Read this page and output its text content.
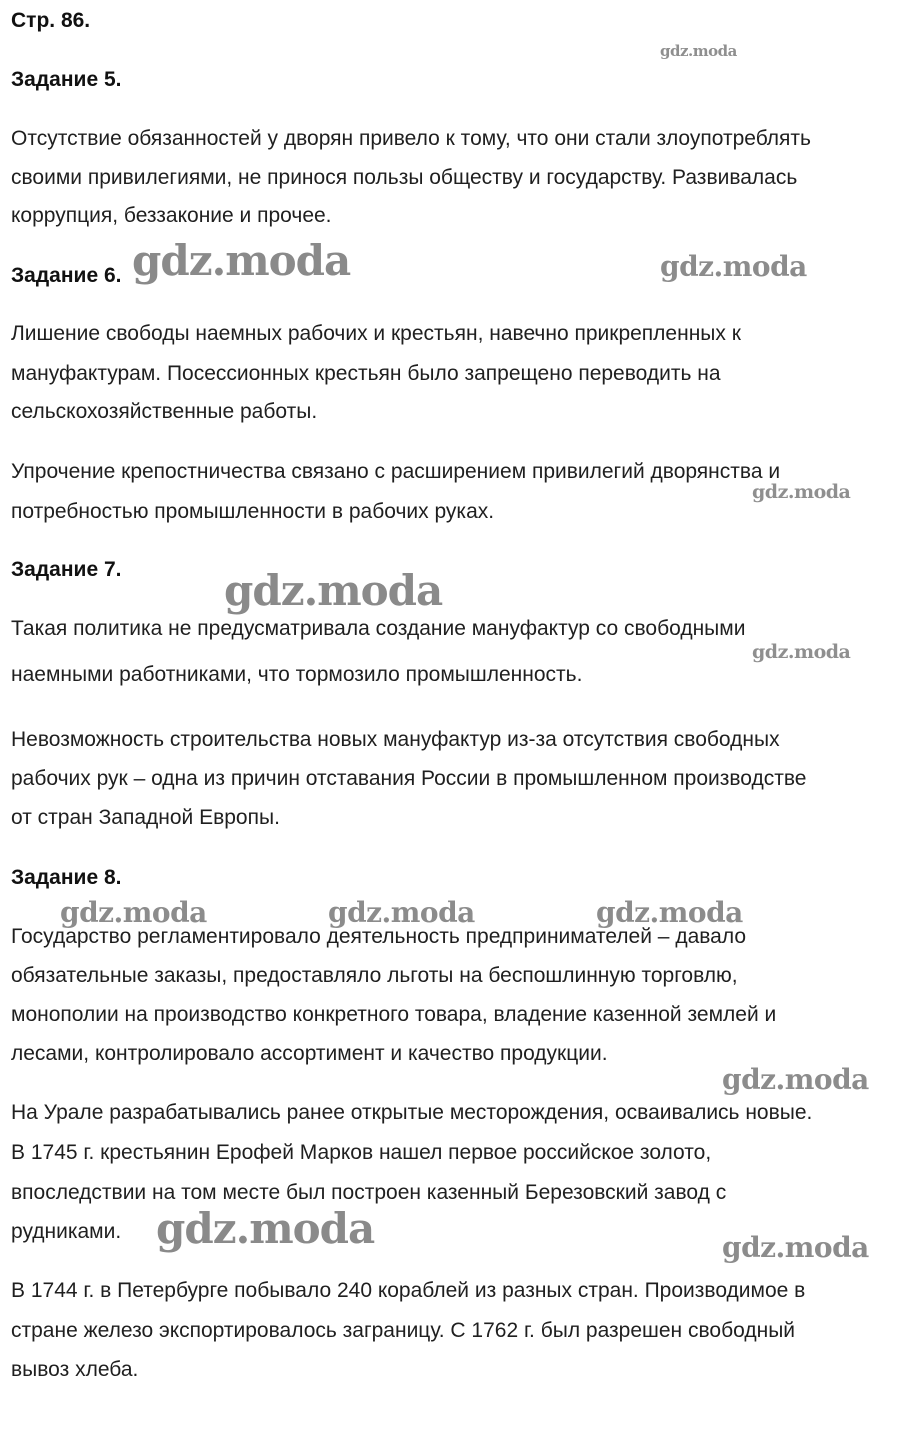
Стр. 86.
Задание 5.
Отсутствие обязанностей у дворян привело к тому, что они стали злоупотреблять
своими привилегиями, не принося пользы обществу и государству. Развивалась
коррупция, беззаконие и прочее.
Задание 6.
Лишение свободы наемных рабочих и крестьян, навечно прикрепленных к
мануфактурам. Посессионных крестьян было запрещено переводить на
сельскохозяйственные работы.
Упрочение крепостничества связано с расширением привилегий дворянства и
потребностью промышленности в рабочих руках.
Задание 7.
Такая политика не предусматривала создание мануфактур со свободными
наемными работниками, что тормозило промышленность.
Невозможность строительства новых мануфактур из-за отсутствия свободных
рабочих рук – одна из причин отставания России в промышленном производстве
от стран Западной Европы.
Задание 8.
Государство регламентировало деятельность предпринимателей – давало
обязательные заказы, предоставляло льготы на беспошлинную торговлю,
монополии на производство конкретного товара, владение казенной землей и
лесами, контролировало ассортимент и качество продукции.
На Урале разрабатывались ранее открытые месторождения, осваивались новые.
В 1745 г. крестьянин Ерофей Марков нашел первое российское золото,
впоследствии на том месте был построен казенный Березовский завод с
рудниками.
В 1744 г. в Петербурге побывало 240 кораблей из разных стран. Производимое в
стране железо экспортировалось заграницу. С 1762 г. был разрешен свободный
вывоз хлеба.
gdz.moda
gdz.moda	gdz.moda
gdz.moda
gdz.moda
gdz.moda
gdz.moda	gdz.moda	gdz.moda
gdz.moda
gdz.moda	gdz.moda
